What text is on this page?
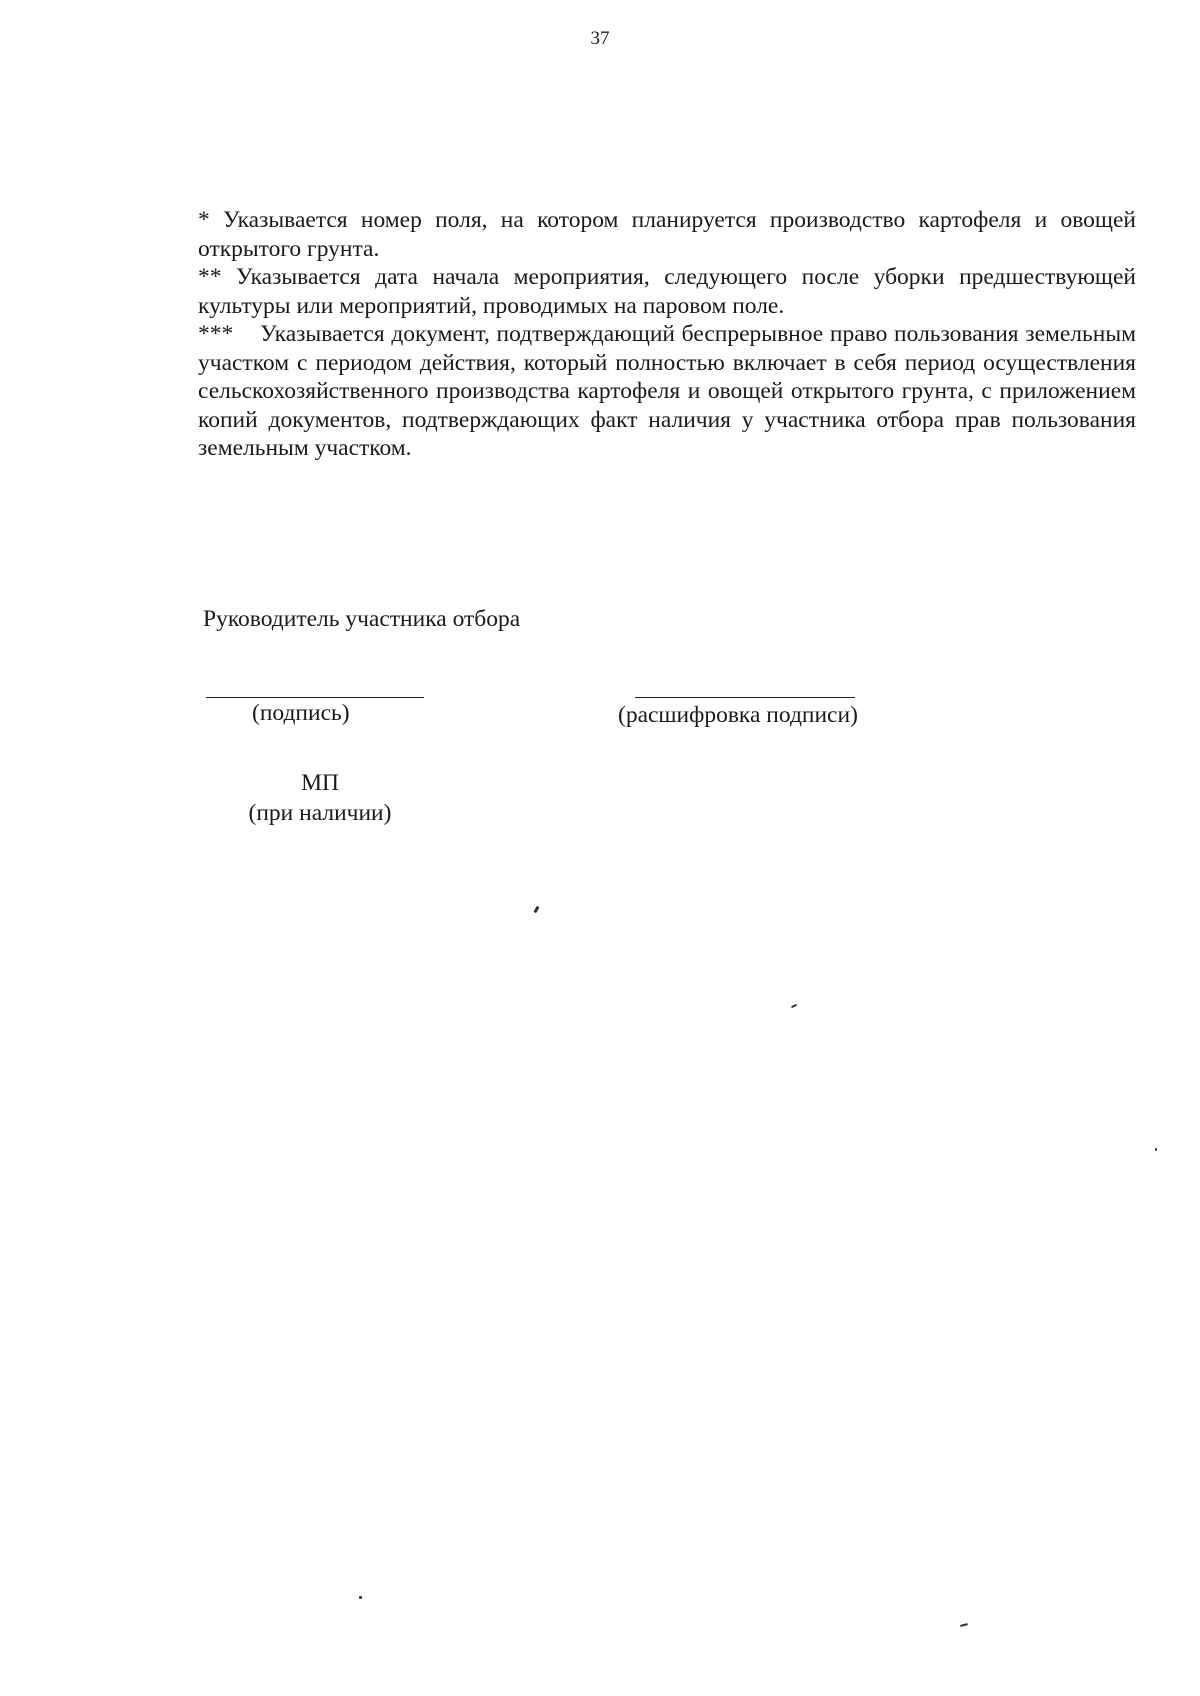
37

* Указывается номер поля, на котором планируется производство картофеля и овощей открытого грунта.

** Указывается дата начала мероприятия, следующего после уборки предшествующей культуры или мероприятий, проводимых на паровом поле.

*** Указывается документ, подтверждающий беспрерывное право пользования земельным участком с периодом действия, который полностью включает в себя период осуществления сельскохозяйственного производства картофеля и овощей открытого грунта, с приложением копий документов, подтверждающих факт наличия у участника отбора прав пользования земельным участком.

Руководитель участника отбора
(подпись)	(расшифровка подписи)
МП
(при наличии)
